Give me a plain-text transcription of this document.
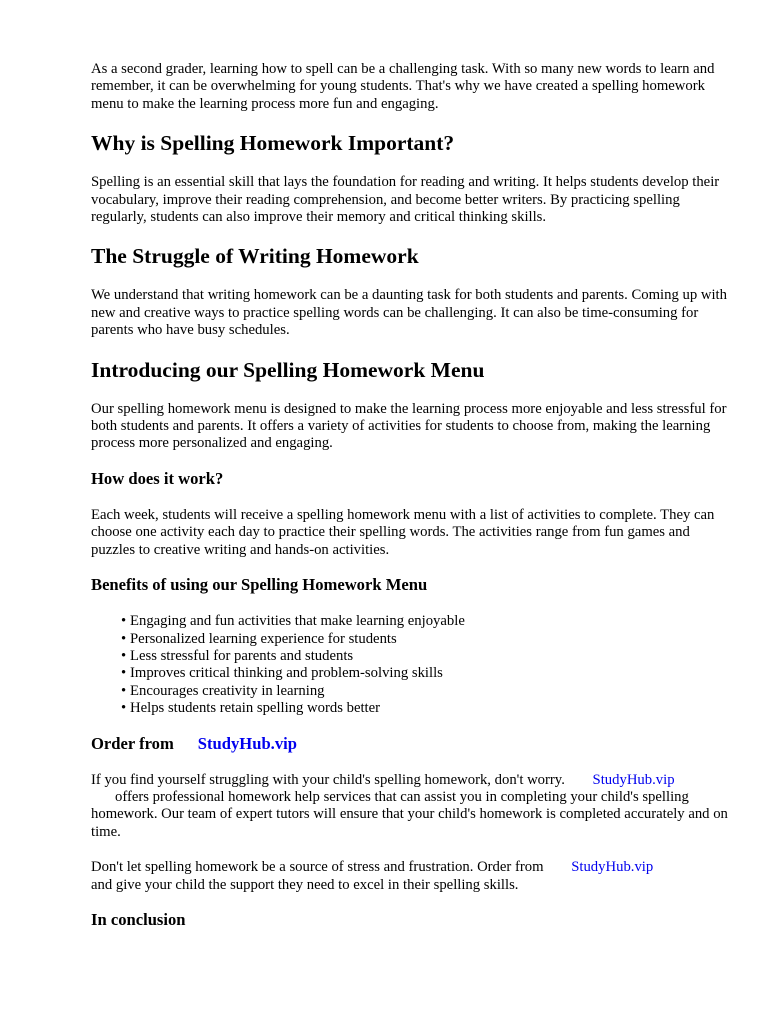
As a second grader, learning how to spell can be a challenging task. With so many new words to learn and remember, it can be overwhelming for young students. That's why we have created a spelling homework menu to make the learning process more fun and engaging.

Why is Spelling Homework Important?

Spelling is an essential skill that lays the foundation for reading and writing. It helps students develop their vocabulary, improve their reading comprehension, and become better writers. By practicing spelling regularly, students can also improve their memory and critical thinking skills.

The Struggle of Writing Homework

We understand that writing homework can be a daunting task for both students and parents. Coming up with new and creative ways to practice spelling words can be challenging. It can also be time-consuming for parents who have busy schedules.

Introducing our Spelling Homework Menu

Our spelling homework menu is designed to make the learning process more enjoyable and less stressful for both students and parents. It offers a variety of activities for students to choose from, making the learning process more personalized and engaging.

How does it work?

Each week, students will receive a spelling homework menu with a list of activities to complete. They can choose one activity each day to practice their spelling words. The activities range from fun games and puzzles to creative writing and hands-on activities.

Benefits of using our Spelling Homework Menu
• Engaging and fun activities that make learning enjoyable
• Personalized learning experience for students
• Less stressful for parents and students
• Improves critical thinking and problem-solving skills
• Encourages creativity in learning
• Helps students retain spelling words better
Order from StudyHub.vip

If you find yourself struggling with your child's spelling homework, don't worry. StudyHub.vip
offers professional homework help services that can assist you in completing your child's spelling homework. Our team of expert tutors will ensure that your child's homework is completed accurately and on time.

Don't let spelling homework be a source of stress and frustration. Order from StudyHub.vip
and give your child the support they need to excel in their spelling skills.

In conclusion
